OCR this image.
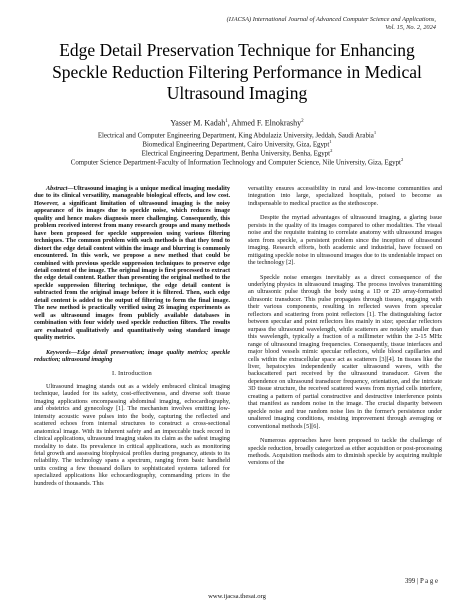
(IJACSA) International Journal of Advanced Computer Science and Applications,
Vol. 15, No. 2, 2024
Edge Detail Preservation Technique for Enhancing
Speckle Reduction Filtering Performance in Medical
Ultrasound Imaging
Yasser M. Kadah$^1$, Ahmed F. Elnokrashy$^2$
Electrical and Computer Engineering Department, King Abdulaziz University, Jeddah, Saudi Arabia$^1$
Biomedical Engineering Department, Cairo University, Giza, Egypt$^1$
Electrical Engineering Department, Benha University, Benha, Egypt$^2$
Computer Science Department-Faculty of Information Technology and Computer Science, Nile University, Giza, Egypt$^2$

Abstract—Ultrasound imaging is a unique medical imaging modality due to its clinical versatility, manageable biological effects, and low cost. However, a significant limitation of ultrasound imaging is the noisy appearance of its images due to speckle noise, which reduces image quality and hence makes diagnosis more challenging. Consequently, this problem received interest from many research groups and many methods have been proposed for speckle suppression using various filtering techniques. The common problem with such methods is that they tend to distort the edge detail content within the image and blurring is commonly encountered. In this work, we propose a new method that could be combined with previous speckle suppression techniques to preserve edge detail content of the image. The original image is first processed to extract the edge detail content. Rather than presenting the original method to the speckle suppression filtering technique, the edge detail content is subtracted from the original image before it is filtered. Then, such edge detail content is added to the output of filtering to form the final image. The new method is practically verified using 26 imaging experiments as well as ultrasound images from publicly available databases in combination with four widely used speckle reduction filters. The results are evaluated qualitatively and quantitatively using standard image quality metrics.

Keywords—Edge detail preservation; image quality metrics; speckle reduction; ultrasound imaging

I. Introduction

Ultrasound imaging stands out as a widely embraced clinical imaging technique, lauded for its safety, cost-effectiveness, and diverse soft tissue imaging applications encompassing abdominal imaging, echocardiography, and obstetrics and gynecology [1]. The mechanism involves emitting low-intensity acoustic wave pulses into the body, capturing the reflected and scattered echoes from internal structures to construct a cross-sectional anatomical image. With its inherent safety and an impeccable track record in clinical applications, ultrasound imaging stakes its claim as the safest imaging modality to date. Its prevalence in critical applications, such as monitoring fetal growth and assessing biophysical profiles during pregnancy, attests to its reliability. The technology spans a spectrum, ranging from basic handheld units costing a few thousand dollars to sophisticated systems tailored for specialized applications like echocardiography, commanding prices in the hundreds of thousands. This

versatility ensures accessibility in rural and low-income communities and integration into large, specialized hospitals, poised to become as indispensable to medical practice as the stethoscope.

Despite the myriad advantages of ultrasound imaging, a glaring issue persists in the quality of its images compared to other modalities. The visual noise and the requisite training to correlate anatomy with ultrasound images stem from speckle, a persistent problem since the inception of ultrasound imaging. Research efforts, both academic and industrial, have focused on mitigating speckle noise in ultrasound images due to its undeniable impact on the technology [2].

Speckle noise emerges inevitably as a direct consequence of the underlying physics in ultrasound imaging. The process involves transmitting an ultrasonic pulse through the body using a 1D or 2D array-formatted ultrasonic transducer. This pulse propagates through tissues, engaging with their various components, resulting in reflected waves from specular reflectors and scattering from point reflectors [1]. The distinguishing factor between specular and point reflectors lies mainly in size; specular reflectors surpass the ultrasound wavelength, while scatterers are notably smaller than this wavelength, typically a fraction of a millimeter within the 2-15 MHz range of ultrasound imaging frequencies. Consequently, tissue interfaces and major blood vessels mimic specular reflectors, while blood capillaries and cells within the extracellular space act as scatterers [3][4]. In tissues like the liver, hepatocytes independently scatter ultrasound waves, with the backscattered part received by the ultrasound transducer. Given the dependence on ultrasound transducer frequency, orientation, and the intricate 3D tissue structure, the received scattered waves from myriad cells interfere, creating a pattern of partial constructive and destructive interference points that manifest as random noise in the image. The crucial disparity between speckle noise and true random noise lies in the former's persistence under unaltered imaging conditions, resisting improvement through averaging or conventional methods [5][6].

Numerous approaches have been proposed to tackle the challenge of speckle reduction, broadly categorized as either acquisition or post-processing methods. Acquisition methods aim to diminish speckle by acquiring multiple versions of the

399 | P a g e
www.ijacsa.thesai.org
